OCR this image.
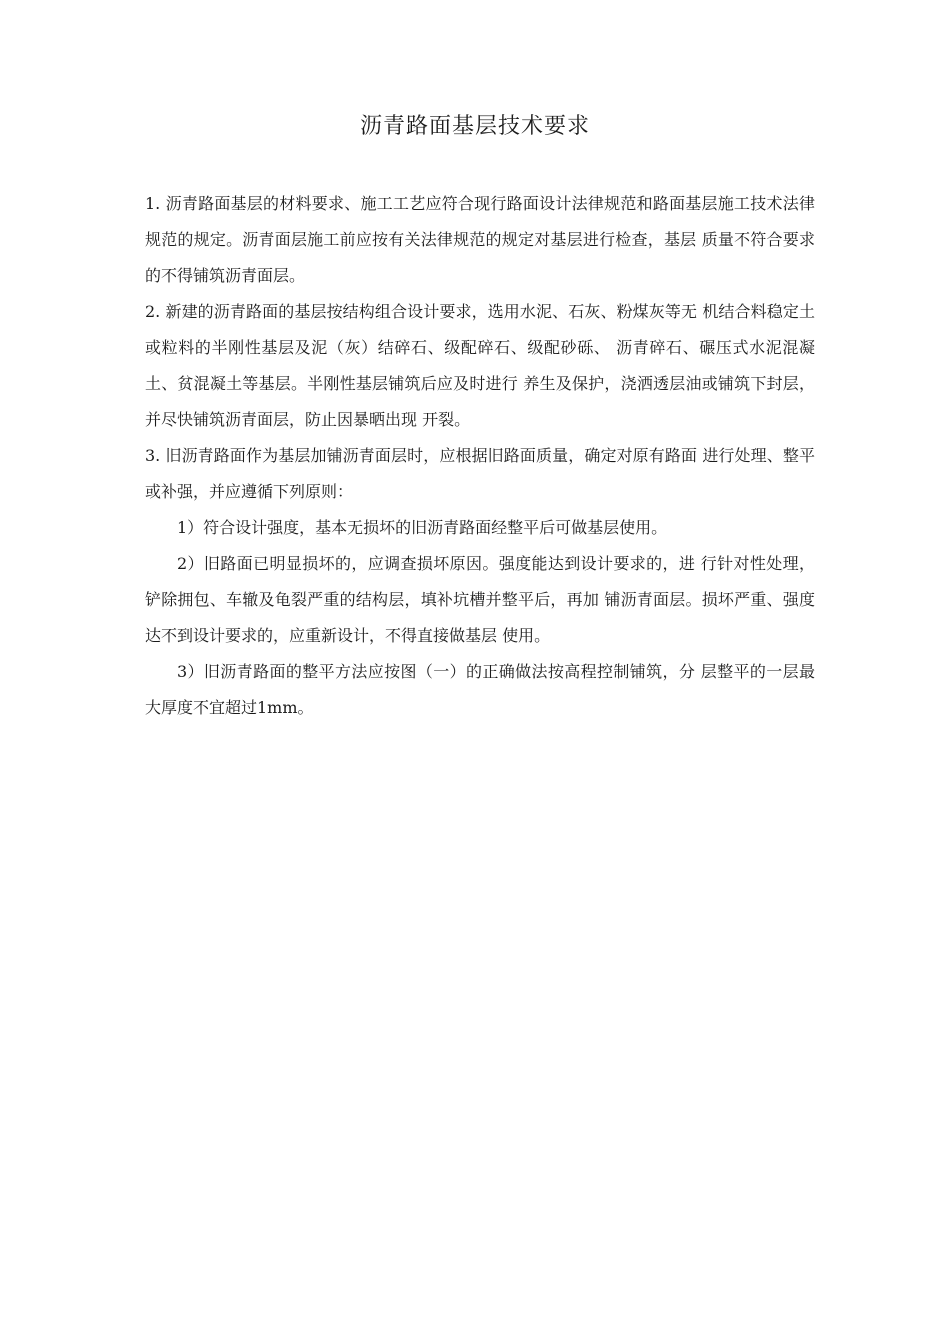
沥青路面基层技术要求

1. 沥青路面基层的材料要求、施工工艺应符合现行路面设计法律规范和路面基层施工技术法律规范的规定。沥青面层施工前应按有关法律规范的规定对基层进行检查，基层 质量不符合要求的不得铺筑沥青面层。

2. 新建的沥青路面的基层按结构组合设计要求，选用水泥、石灰、粉煤灰等无 机结合料稳定土或粒料的半刚性基层及泥（灰）结碎石、级配碎石、级配砂砾、 沥青碎石、碾压式水泥混凝土、贫混凝土等基层。半刚性基层铺筑后应及时进行 养生及保护，浇洒透层油或铺筑下封层，并尽快铺筑沥青面层，防止因暴晒出现 开裂。

3. 旧沥青路面作为基层加铺沥青面层时，应根据旧路面质量，确定对原有路面 进行处理、整平或补强，并应遵循下列原则：

1）符合设计强度，基本无损坏的旧沥青路面经整平后可做基层使用。

2）旧路面已明显损坏的，应调查损坏原因。强度能达到设计要求的，进 行针对性处理，铲除拥包、车辙及龟裂严重的结构层，填补坑槽并整平后，再加 铺沥青面层。损坏严重、强度达不到设计要求的，应重新设计，不得直接做基层 使用。

3）旧沥青路面的整平方法应按图（一）的正确做法按高程控制铺筑，分 层整平的一层最大厚度不宜超过1mm。
